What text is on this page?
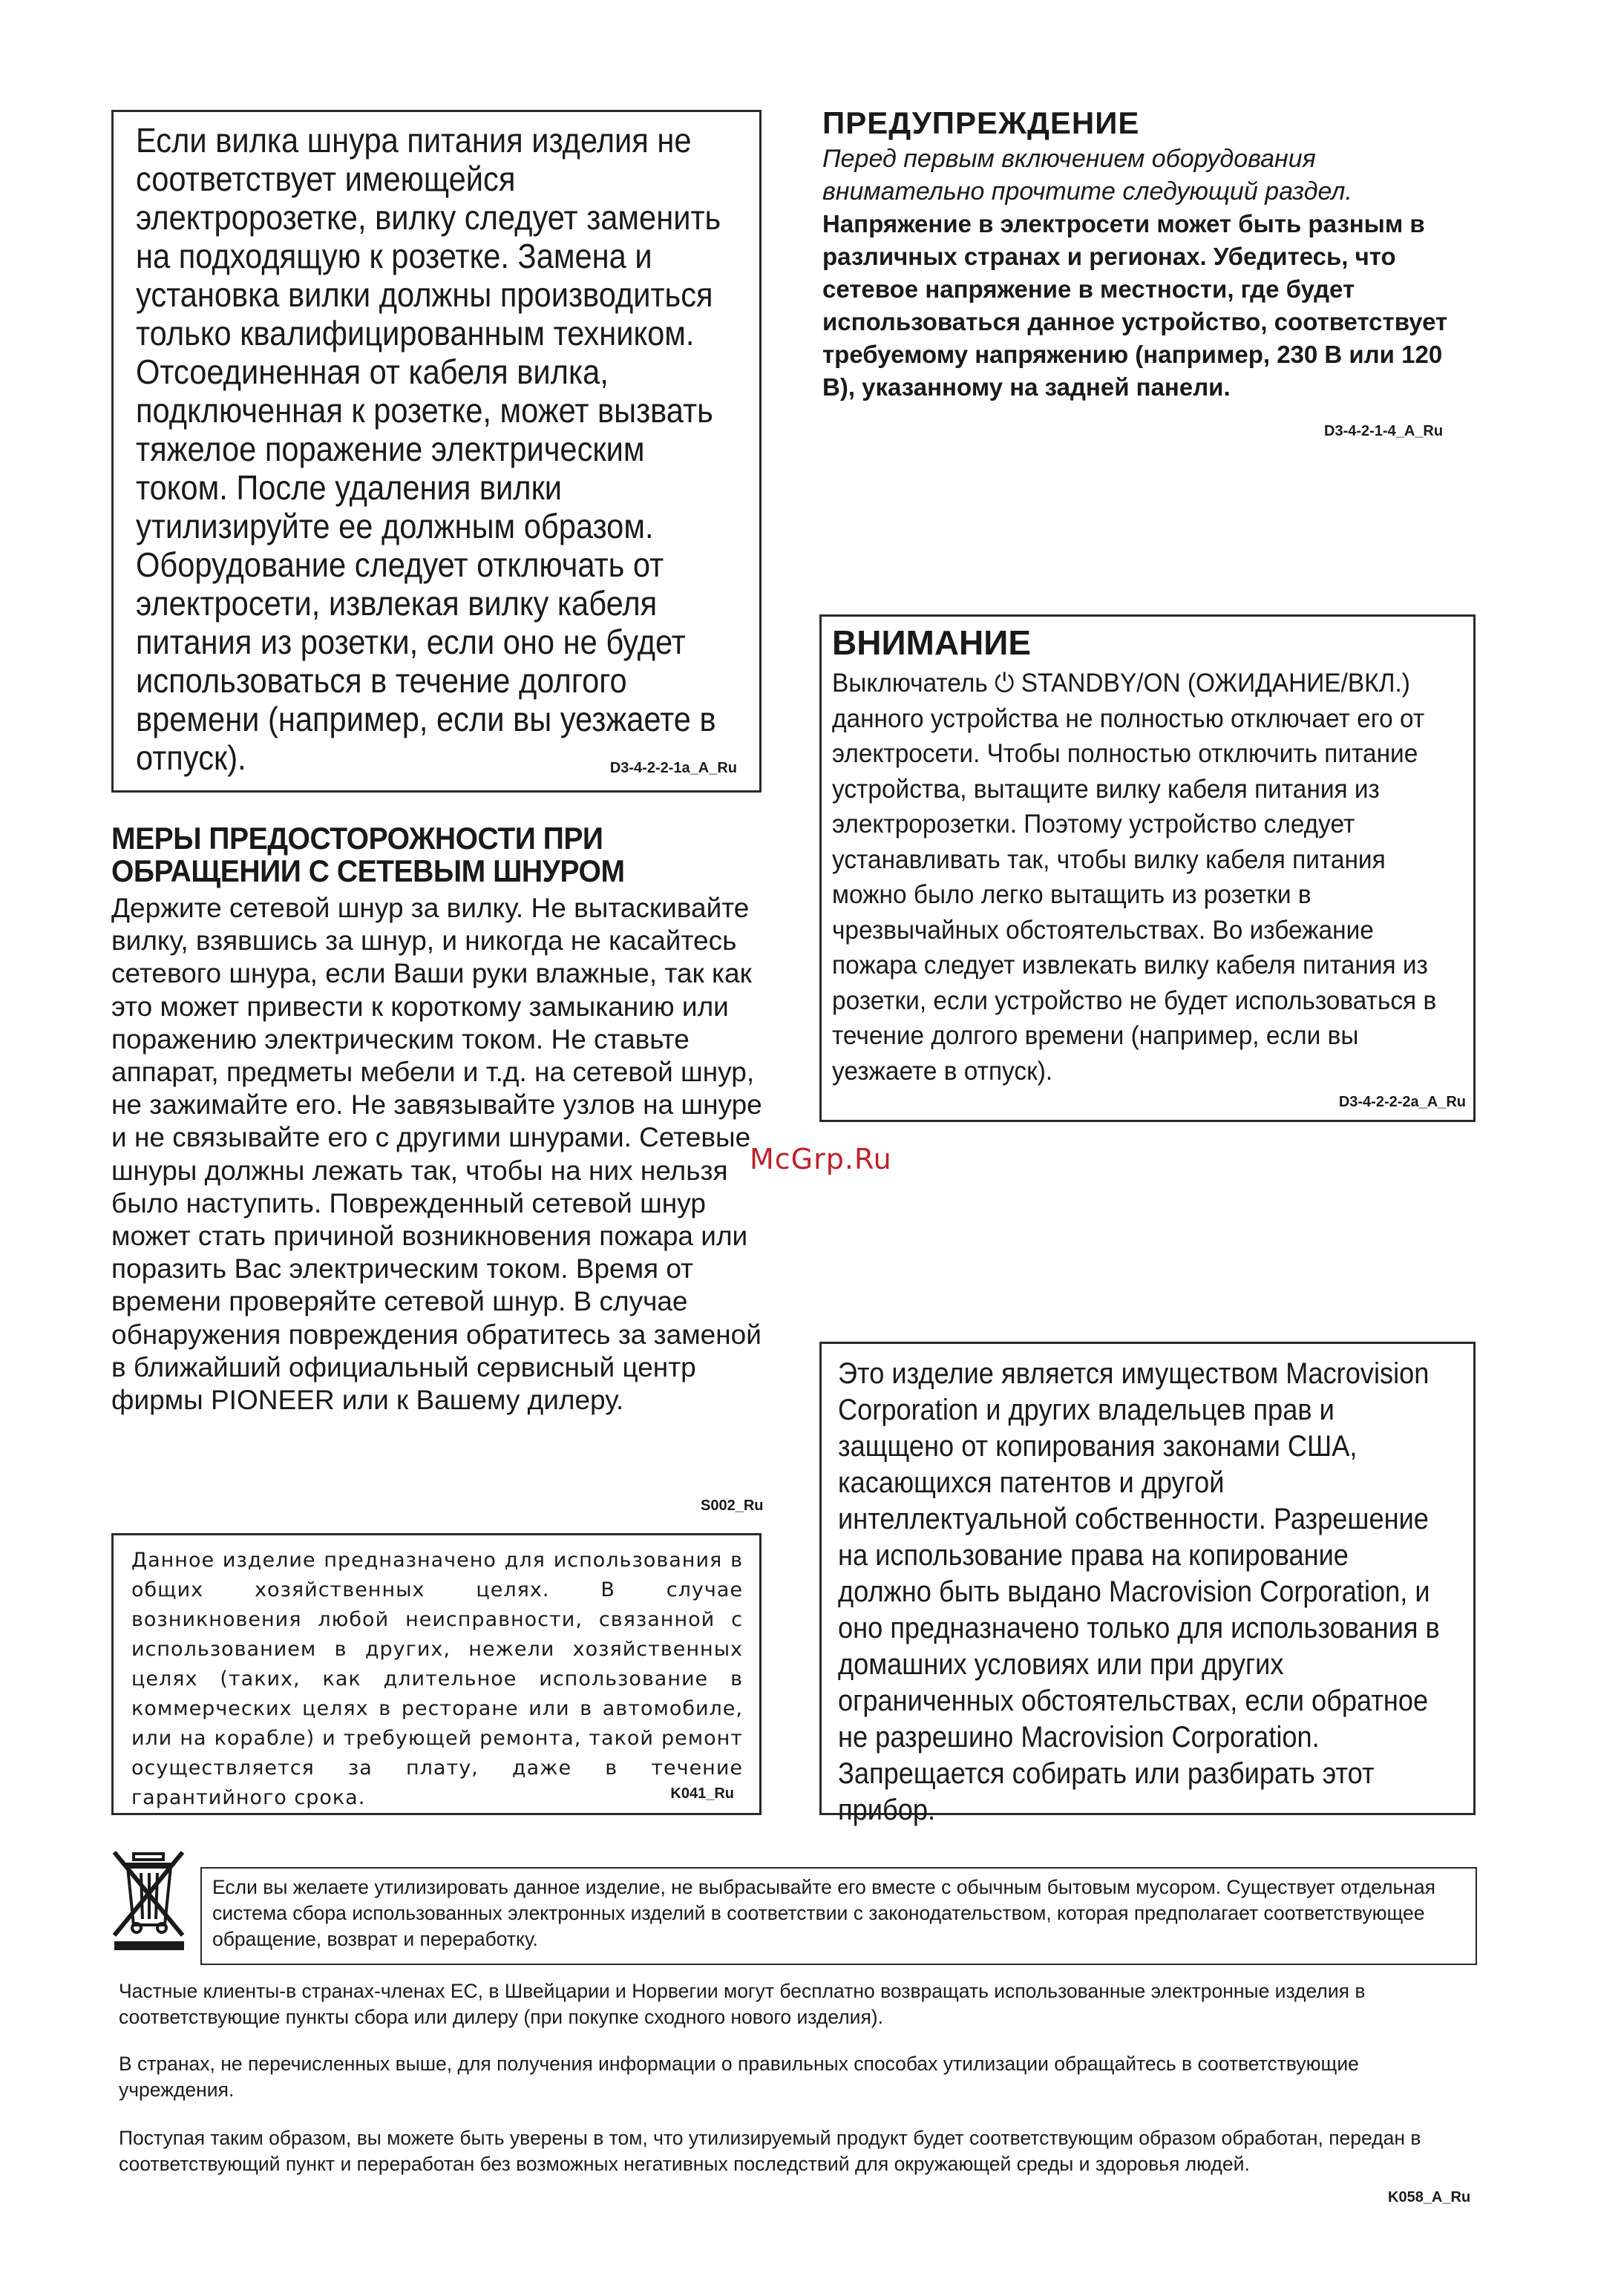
Если вилка шнура питания изделия не соответствует имеющейся электророзетке, вилку следует заменить на подходящую к розетке. Замена и установка вилки должны производиться только квалифицированным техником. Отсоединенная от кабеля вилка, подключенная к розетке, может вызвать тяжелое поражение электрическим током. После удаления вилки утилизируйте ее должным образом. Оборудование следует отключать от электросети, извлекая вилку кабеля питания из розетки, если оно не будет использоваться в течение долгого времени (например, если вы уезжаете в отпуск).	D3-4-2-2-1a_A_Ru
ПРЕДУПРЕЖДЕНИЕ

Перед первым включением оборудования внимательно прочтите следующий раздел.

Напряжение в электросети может быть разным в различных странах и регионах. Убедитесь, что сетевое напряжение в местности, где будет использоваться данное устройство, соответствует требуемому напряжению (например, 230 В или 120 В), указанному на задней панели.

D3-4-2-1-4_A_Ru
ВНИМАНИЕ

Выключатель ⏻ STANDBY/ON (ОЖИДАНИЕ/ВКЛ.) данного устройства не полностью отключает его от электросети. Чтобы полностью отключить питание устройства, вытащите вилку кабеля питания из электророзетки. Поэтому устройство следует устанавливать так, чтобы вилку кабеля питания можно было легко вытащить из розетки в чрезвычайных обстоятельствах. Во избежание пожара следует извлекать вилку кабеля питания из розетки, если устройство не будет использоваться в течение долгого времени (например, если вы уезжаете в отпуск).

D3-4-2-2-2a_A_Ru
МЕРЫ ПРЕДОСТОРОЖНОСТИ ПРИ ОБРАЩЕНИИ С СЕТЕВЫМ ШНУРОМ

Держите сетевой шнур за вилку. Не вытаскивайте вилку, взявшись за шнур, и никогда не касайтесь сетевого шнура, если Ваши руки влажные, так как это может привести к короткому замыканию или поражению электрическим током. Не ставьте аппарат, предметы мебели и т.д. на сетевой шнур, не зажимайте его. Не завязывайте узлов на шнуре и не связывайте его с другими шнурами. Сетевые шнуры должны лежать так, чтобы на них нельзя было наступить. Поврежденный сетевой шнур может стать причиной возникновения пожара или поразить Вас электрическим током. Время от времени проверяйте сетевой шнур. В случае обнаружения повреждения обратитесь за заменой в ближайший официальный сервисный центр фирмы PIONEER или к Вашему дилеру.

S002_Ru
McGrp.Ru

Данное изделие предназначено для использования в общих хозяйственных целях. В случае возникновения любой неисправности, связанной с использованием в других, нежели хозяйственных целях (таких, как длительное использование в коммерческих целях в ресторане или в автомобиле, или на корабле) и требующей ремонта, такой ремонт осуществляется за плату, даже в течение гарантийного срока.	K041_Ru

Это изделие является имуществом Macrovision Corporation и других владельцев прав и защщено от копирования законами США, касающихся патентов и другой интеллектуальной собственности. Разрешение на использование права на копирование должно быть выдано Macrovision Corporation, и оно предназначено только для использования в домашних условиях или при других ограниченных обстоятельствах, если обратное не разрешино Macrovision Corporation. Запрещается собирать или разбирать этот прибор.

Если вы желаете утилизировать данное изделие, не выбрасывайте его вместе с обычным бытовым мусором. Существует отдельная система сбора использованных электронных изделий в соответствии с законодательством, которая предполагает соответствующее обращение, возврат и переработку.

Частные клиенты-в странах-членах ЕС, в Швейцарии и Норвегии могут бесплатно возвращать использованные электронные изделия в соответствующие пункты сбора или дилеру (при покупке сходного нового изделия).

В странах, не перечисленных выше, для получения информации о правильных способах утилизации обращайтесь в соответствующие учреждения.

Поступая таким образом, вы можете быть уверены в том, что утилизируемый продукт будет соответствующим образом обработан, передан в соответствующий пункт и переработан без возможных негативных последствий для окружающей среды и здоровья людей.

K058_A_Ru
